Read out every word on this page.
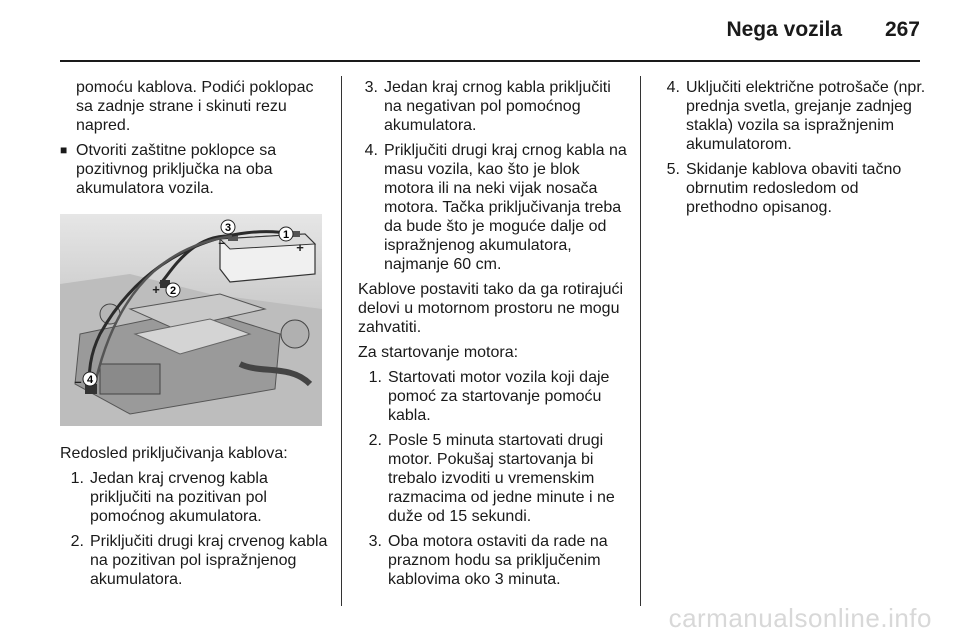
Nega vozila 267

pomoću kablova. Podići poklopac sa zadnje strane i skinuti rezu napred.

■ Otvoriti zaštitne poklopce sa pozitivnog priključka na oba akumulatora vozila.
1
2
3
4
+
+
–
–

Redosled priključivanja kablova:

1. Jedan kraj crvenog kabla priključiti na pozitivan pol pomoćnog akumulatora.
2. Priključiti drugi kraj crvenog kabla na pozitivan pol ispražnjenog akumulatora.
3. Jedan kraj crnog kabla priključiti na negativan pol pomoćnog akumulatora.
4. Priključiti drugi kraj crnog kabla na masu vozila, kao što je blok motora ili na neki vijak nosača motora. Tačka priključivanja treba da bude što je moguće dalje od ispražnjenog akumulatora, najmanje 60 cm.

Kablove postaviti tako da ga rotirajući delovi u motornom prostoru ne mogu zahvatiti.

Za startovanje motora:

1. Startovati motor vozila koji daje pomoć za startovanje pomoću kabla.
2. Posle 5 minuta startovati drugi motor. Pokušaj startovanja bi trebalo izvoditi u vremenskim razmacima od jedne minute i ne duže od 15 sekundi.
3. Oba motora ostaviti da rade na praznom hodu sa priključenim kablovima oko 3 minuta.
4. Uključiti električne potrošače (npr. prednja svetla, grejanje zadnjeg stakla) vozila sa ispražnjenim akumulatorom.
5. Skidanje kablova obaviti tačno obrnutim redosledom od prethodno opisanog.
carmanualsonline.info
